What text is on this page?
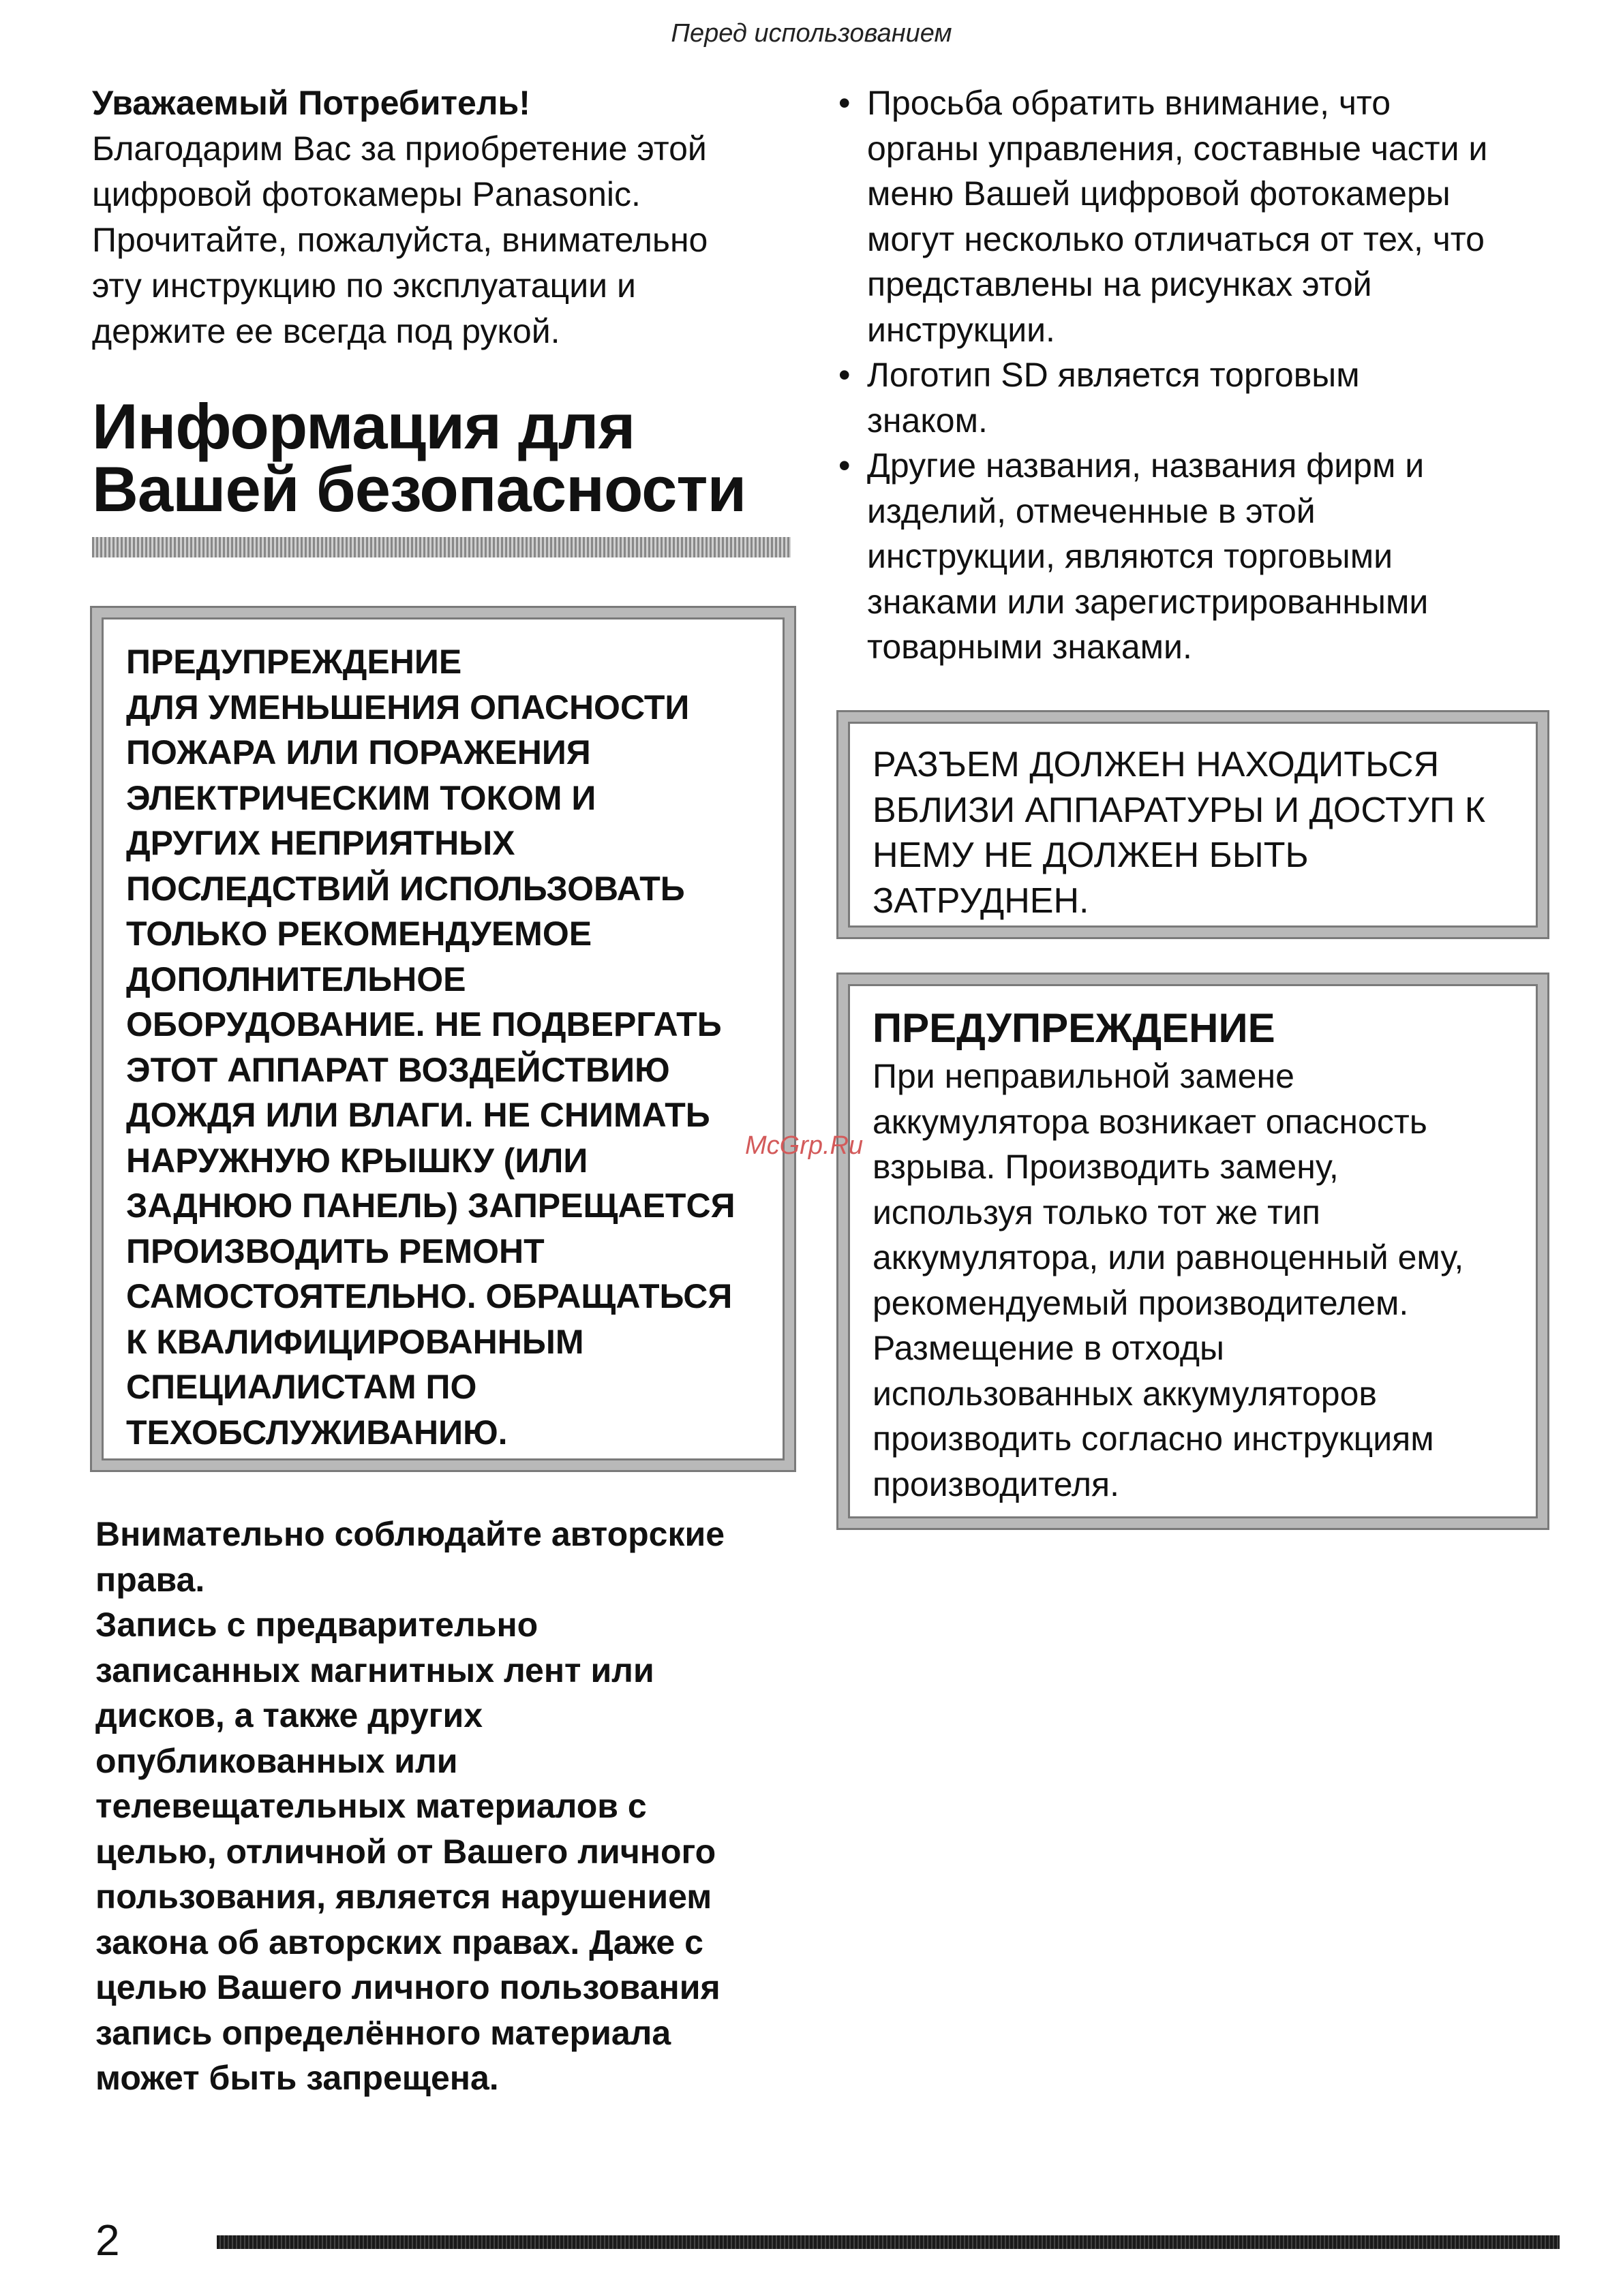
Перед использованием
Уважаемый Потребитель!
Благодарим Вас за приобретение этой
цифровой фотокамеры Panasonic.
Прочитайте, пожалуйста, внимательно
эту инструкцию по эксплуатации и
держите ее всегда под рукой.
Информация для
Вашей безопасности
ПРЕДУПРЕЖДЕНИЕ
ДЛЯ УМЕНЬШЕНИЯ ОПАСНОСТИ
ПОЖАРА ИЛИ ПОРАЖЕНИЯ
ЭЛЕКТРИЧЕСКИМ ТОКОМ И
ДРУГИХ НЕПРИЯТНЫХ
ПОСЛЕДСТВИЙ ИСПОЛЬЗОВАТЬ
ТОЛЬКО РЕКОМЕНДУЕМОЕ
ДОПОЛНИТЕЛЬНОЕ
ОБОРУДОВАНИЕ. НЕ ПОДВЕРГАТЬ
ЭТОТ АППАРАТ ВОЗДЕЙСТВИЮ
ДОЖДЯ ИЛИ ВЛАГИ. НЕ СНИМАТЬ
НАРУЖНУЮ КРЫШКУ (ИЛИ
ЗАДНЮЮ ПАНЕЛЬ) ЗАПРЕЩАЕТСЯ
ПРОИЗВОДИТЬ РЕМОНТ
САМОСТОЯТЕЛЬНО. ОБРАЩАТЬСЯ
К КВАЛИФИЦИРОВАННЫМ
СПЕЦИАЛИСТАМ ПО
ТЕХОБСЛУЖИВАНИЮ.

Внимательно соблюдайте авторские

права.

Запись с предварительно

записанных магнитных лент или

дисков, а также других

опубликованных или

телевещательных материалов с

целью, отличной от Вашего личного

пользования, является нарушением

закона об авторских правах. Даже с

целью Вашего личного пользования

запись определённого материала

может быть запрещена.

• Просьба обратить внимание, что
органы управления, составные части и
меню Вашей цифровой фотокамеры
могут несколько отличаться от тех, что
представлены на рисунках этой
инструкции.
• Логотип SD является торговым
знаком.
• Другие названия, названия фирм и
изделий, отмеченные в этой
инструкции, являются торговыми
знаками или зарегистрированными
товарными знаками.
РАЗЪЕМ ДОЛЖЕН НАХОДИТЬСЯ
ВБЛИЗИ АППАРАТУРЫ И ДОСТУП К
НЕМУ НЕ ДОЛЖЕН БЫТЬ
ЗАТРУДНЕН.
ПРЕДУПРЕЖДЕНИЕ
При неправильной замене
аккумулятора возникает опасность
взрыва. Производить замену,
используя только тот же тип
аккумулятора, или равноценный ему,
рекомендуемый производителем.
Размещение в отходы
использованных аккумуляторов
производить согласно инструкциям
производителя.
McGrp.Ru
2
